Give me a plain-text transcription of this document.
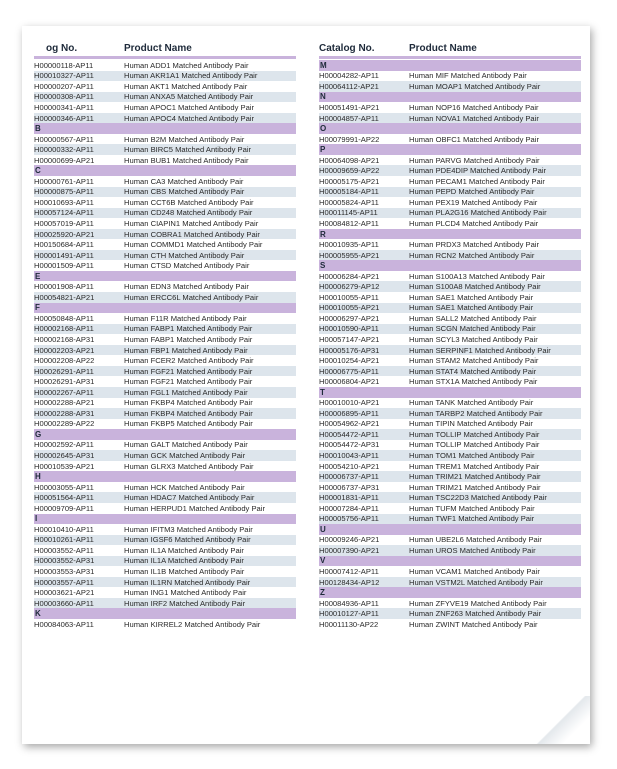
og No.	Product Name
H00000118-AP11	Human ADD1 Matched Antibody Pair
H00010327-AP11	Human AKR1A1 Matched Antibody Pair
H00000207-AP11	Human AKT1 Matched Antibody Pair
H00000308-AP11	Human ANXA5 Matched Antibody Pair
H00000341-AP11	Human APOC1 Matched Antibody Pair
H00000346-AP11	Human APOC4 Matched Antibody Pair
B
H00000567-AP11	Human B2M Matched Antibody Pair
H00000332-AP11	Human BIRC5 Matched Antibody Pair
H00000699-AP21	Human BUB1 Matched Antibody Pair
C
H00000761-AP11	Human CA3 Matched Antibody Pair
H00000875-AP11	Human CBS Matched Antibody Pair
H00010693-AP11	Human CCT6B Matched Antibody Pair
H00057124-AP11	Human CD248 Matched Antibody Pair
H00057019-AP11	Human CIAPIN1 Matched Antibody Pair
H00025920-AP21	Human COBRA1 Matched Antibody Pair
H00150684-AP11	Human COMMD1 Matched Antibody Pair
H00001491-AP11	Human CTH Matched Antibody Pair
H00001509-AP11	Human CTSD Matched Antibody Pair
E
H00001908-AP11	Human EDN3 Matched Antibody Pair
H00054821-AP21	Human ERCC6L Matched Antibody Pair
F
H00050848-AP11	Human F11R Matched Antibody Pair
H00002168-AP11	Human FABP1 Matched Antibody Pair
H00002168-AP31	Human FABP1 Matched Antibody Pair
H00002203-AP21	Human FBP1 Matched Antibody Pair
H00002208-AP22	Human FCER2 Matched Antibody Pair
H00026291-AP11	Human FGF21 Matched Antibody Pair
H00026291-AP31	Human FGF21 Matched Antibody Pair
H00002267-AP11	Human FGL1 Matched Antibody Pair
H00002288-AP21	Human FKBP4 Matched Antibody Pair
H00002288-AP31	Human FKBP4 Matched Antibody Pair
H00002289-AP22	Human FKBP5 Matched Antibody Pair
G
H00002592-AP11	Human GALT Matched Antibody Pair
H00002645-AP31	Human GCK Matched Antibody Pair
H00010539-AP21	Human GLRX3 Matched Antibody Pair
H
H00003055-AP11	Human HCK Matched Antibody Pair
H00051564-AP11	Human HDAC7 Matched Antibody Pair
H00009709-AP11	Human HERPUD1 Matched Antibody Pair
I
H00010410-AP11	Human IFITM3 Matched Antibody Pair
H00010261-AP11	Human IGSF6 Matched Antibody Pair
H00003552-AP11	Human IL1A Matched Antibody Pair
H00003552-AP31	Human IL1A Matched Antibody Pair
H00003553-AP31	Human IL1B Matched Antibody Pair
H00003557-AP11	Human IL1RN Matched Antibody Pair
H00003621-AP21	Human ING1 Matched Antibody Pair
H00003660-AP11	Human IRF2 Matched Antibody Pair
K
H00084063-AP11	Human KIRREL2 Matched Antibody Pair
Catalog No.	Product Name
M
H00004282-AP11	Human MIF Matched Antibody Pair
H00064112-AP21	Human MOAP1 Matched Antibody Pair
N
H00051491-AP21	Human NOP16 Matched Antibody Pair
H00004857-AP11	Human NOVA1 Matched Antibody Pair
O
H00079991-AP22	Human OBFC1 Matched Antibody Pair
P
H00064098-AP21	Human PARVG Matched Antibody Pair
H00009659-AP22	Human PDE4DIP Matched Antibody Pair
H00005175-AP21	Human PECAM1 Matched Antibody Pair
H00005184-AP11	Human PEPD Matched Antibody Pair
H00005824-AP11	Human PEX19 Matched Antibody Pair
H00011145-AP11	Human PLA2G16 Matched Antibody Pair
H00084812-AP11	Human PLCD4 Matched Antibody Pair
R
H00010935-AP11	Human PRDX3 Matched Antibody Pair
H00005955-AP21	Human RCN2 Matched Antibody Pair
S
H00006284-AP21	Human S100A13 Matched Antibody Pair
H00006279-AP12	Human S100A8 Matched Antibody Pair
H00010055-AP11	Human SAE1 Matched Antibody Pair
H00010055-AP21	Human SAE1 Matched Antibody Pair
H00006297-AP21	Human SALL2 Matched Antibody Pair
H00010590-AP11	Human SCGN Matched Antibody Pair
H00057147-AP21	Human SCYL3 Matched Antibody Pair
H00005176-AP31	Human SERPINF1 Matched Antibody Pair
H00010254-AP21	Human STAM2 Matched Antibody Pair
H00006775-AP11	Human STAT4 Matched Antibody Pair
H00006804-AP21	Human STX1A Matched Antibody Pair
T
H00010010-AP21	Human TANK Matched Antibody Pair
H00006895-AP11	Human TARBP2 Matched Antibody Pair
H00054962-AP21	Human TIPIN Matched Antibody Pair
H00054472-AP11	Human TOLLIP Matched Antibody Pair
H00054472-AP31	Human TOLLIP Matched Antibody Pair
H00010043-AP11	Human TOM1 Matched Antibody Pair
H00054210-AP21	Human TREM1 Matched Antibody Pair
H00006737-AP11	Human TRIM21 Matched Antibody Pair
H00006737-AP31	Human TRIM21 Matched Antibody Pair
H00001831-AP11	Human TSC22D3 Matched Antibody Pair
H00007284-AP11	Human TUFM Matched Antibody Pair
H00005756-AP11	Human TWF1 Matched Antibody Pair
U
H00009246-AP21	Human UBE2L6 Matched Antibody Pair
H00007390-AP21	Human UROS Matched Antibody Pair
V
H00007412-AP11	Human VCAM1 Matched Antibody Pair
H00128434-AP12	Human VSTM2L Matched Antibody Pair
Z
H00084936-AP11	Human ZFYVE19 Matched Antibody Pair
H00010127-AP11	Human ZNF263 Matched Antibody Pair
H00011130-AP22	Human ZWINT Matched Antibody Pair
